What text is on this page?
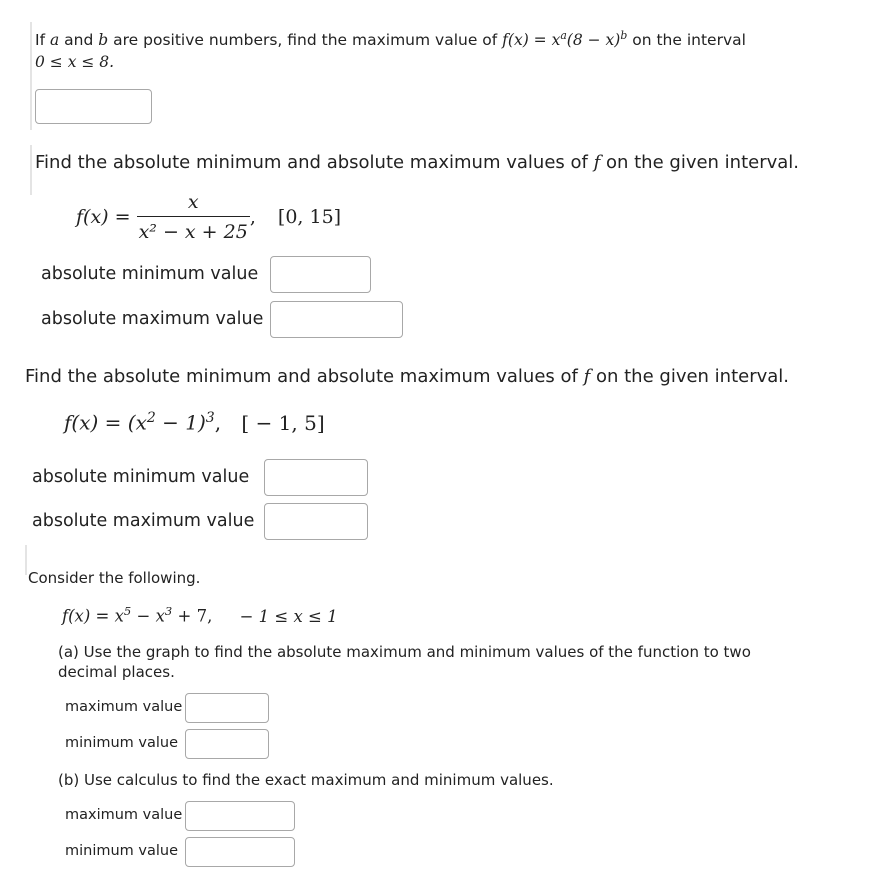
If a and b are positive numbers, find the maximum value of $f(x) = x^a(8 - x)^b$ on the interval
0 ≤ x ≤ 8.
Find the absolute minimum and absolute maximum values of f on the given interval.
$f(x) = \frac{x}{\text{x² − x + 25}}$ , [0, 15]
absolute minimum value
absolute maximum value
Find the absolute minimum and absolute maximum values of f on the given interval.
$f(x) = (x^2 - 1)^3$, [ − 1, 5]
absolute minimum value
absolute maximum value
Consider the following.
$f(x) = x^5 - x^3 + 7$, − 1 ≤ x ≤ 1
(a) Use the graph to find the absolute maximum and minimum values of the function to two
decimal places.
maximum value
minimum value
(b) Use calculus to find the exact maximum and minimum values.
maximum value
minimum value
